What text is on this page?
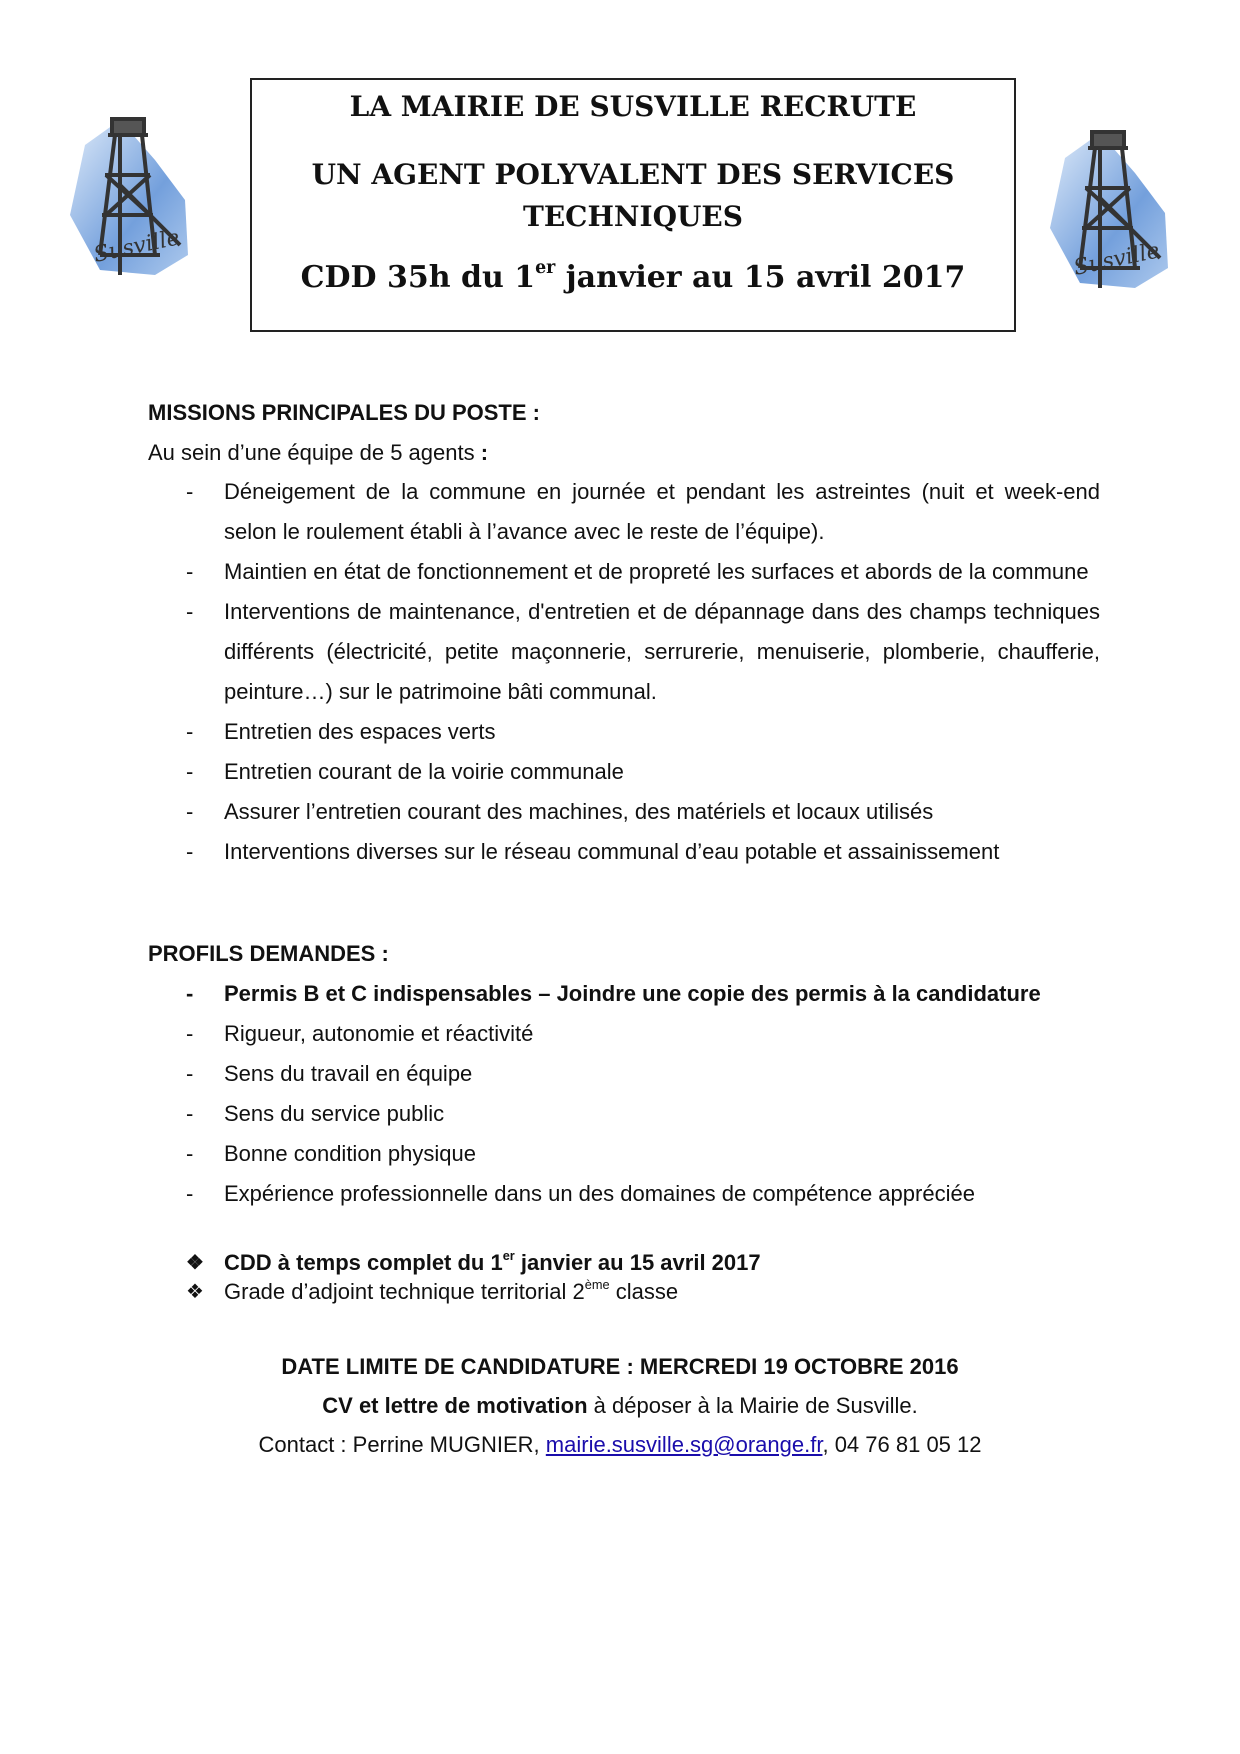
Susville	Susville
LA MAIRIE DE SUSVILLE RECRUTE
UN AGENT POLYVALENT DES SERVICES
TECHNIQUES
CDD 35h du 1er janvier au 15 avril 2017
MISSIONS PRINCIPALES DU POSTE :
Au sein d’une équipe de 5 agents :
- Déneigement de la commune en journée et pendant les astreintes (nuit et week-end selon le roulement établi à l’avance avec le reste de l’équipe).
- Maintien en état de fonctionnement et de propreté les surfaces et abords de la commune
- Interventions de maintenance, d'entretien et de dépannage dans des champs techniques différents (électricité, petite maçonnerie, serrurerie, menuiserie, plomberie, chaufferie, peinture…) sur le patrimoine bâti communal.
- Entretien des espaces verts
- Entretien courant de la voirie communale
- Assurer l’entretien courant des machines, des matériels et locaux utilisés
- Interventions diverses sur le réseau communal d’eau potable et assainissement
PROFILS DEMANDES :
- Permis B et C indispensables – Joindre une copie des permis à la candidature
- Rigueur, autonomie et réactivité
- Sens du travail en équipe
- Sens du service public
- Bonne condition physique
- Expérience professionnelle dans un des domaines de compétence appréciée
❖ CDD à temps complet du 1er janvier au 15 avril 2017
❖ Grade d’adjoint technique territorial 2ème classe
DATE LIMITE DE CANDIDATURE : MERCREDI 19 OCTOBRE 2016
CV et lettre de motivation à déposer à la Mairie de Susville.
Contact : Perrine MUGNIER, mairie.susville.sg@orange.fr, 04 76 81 05 12
